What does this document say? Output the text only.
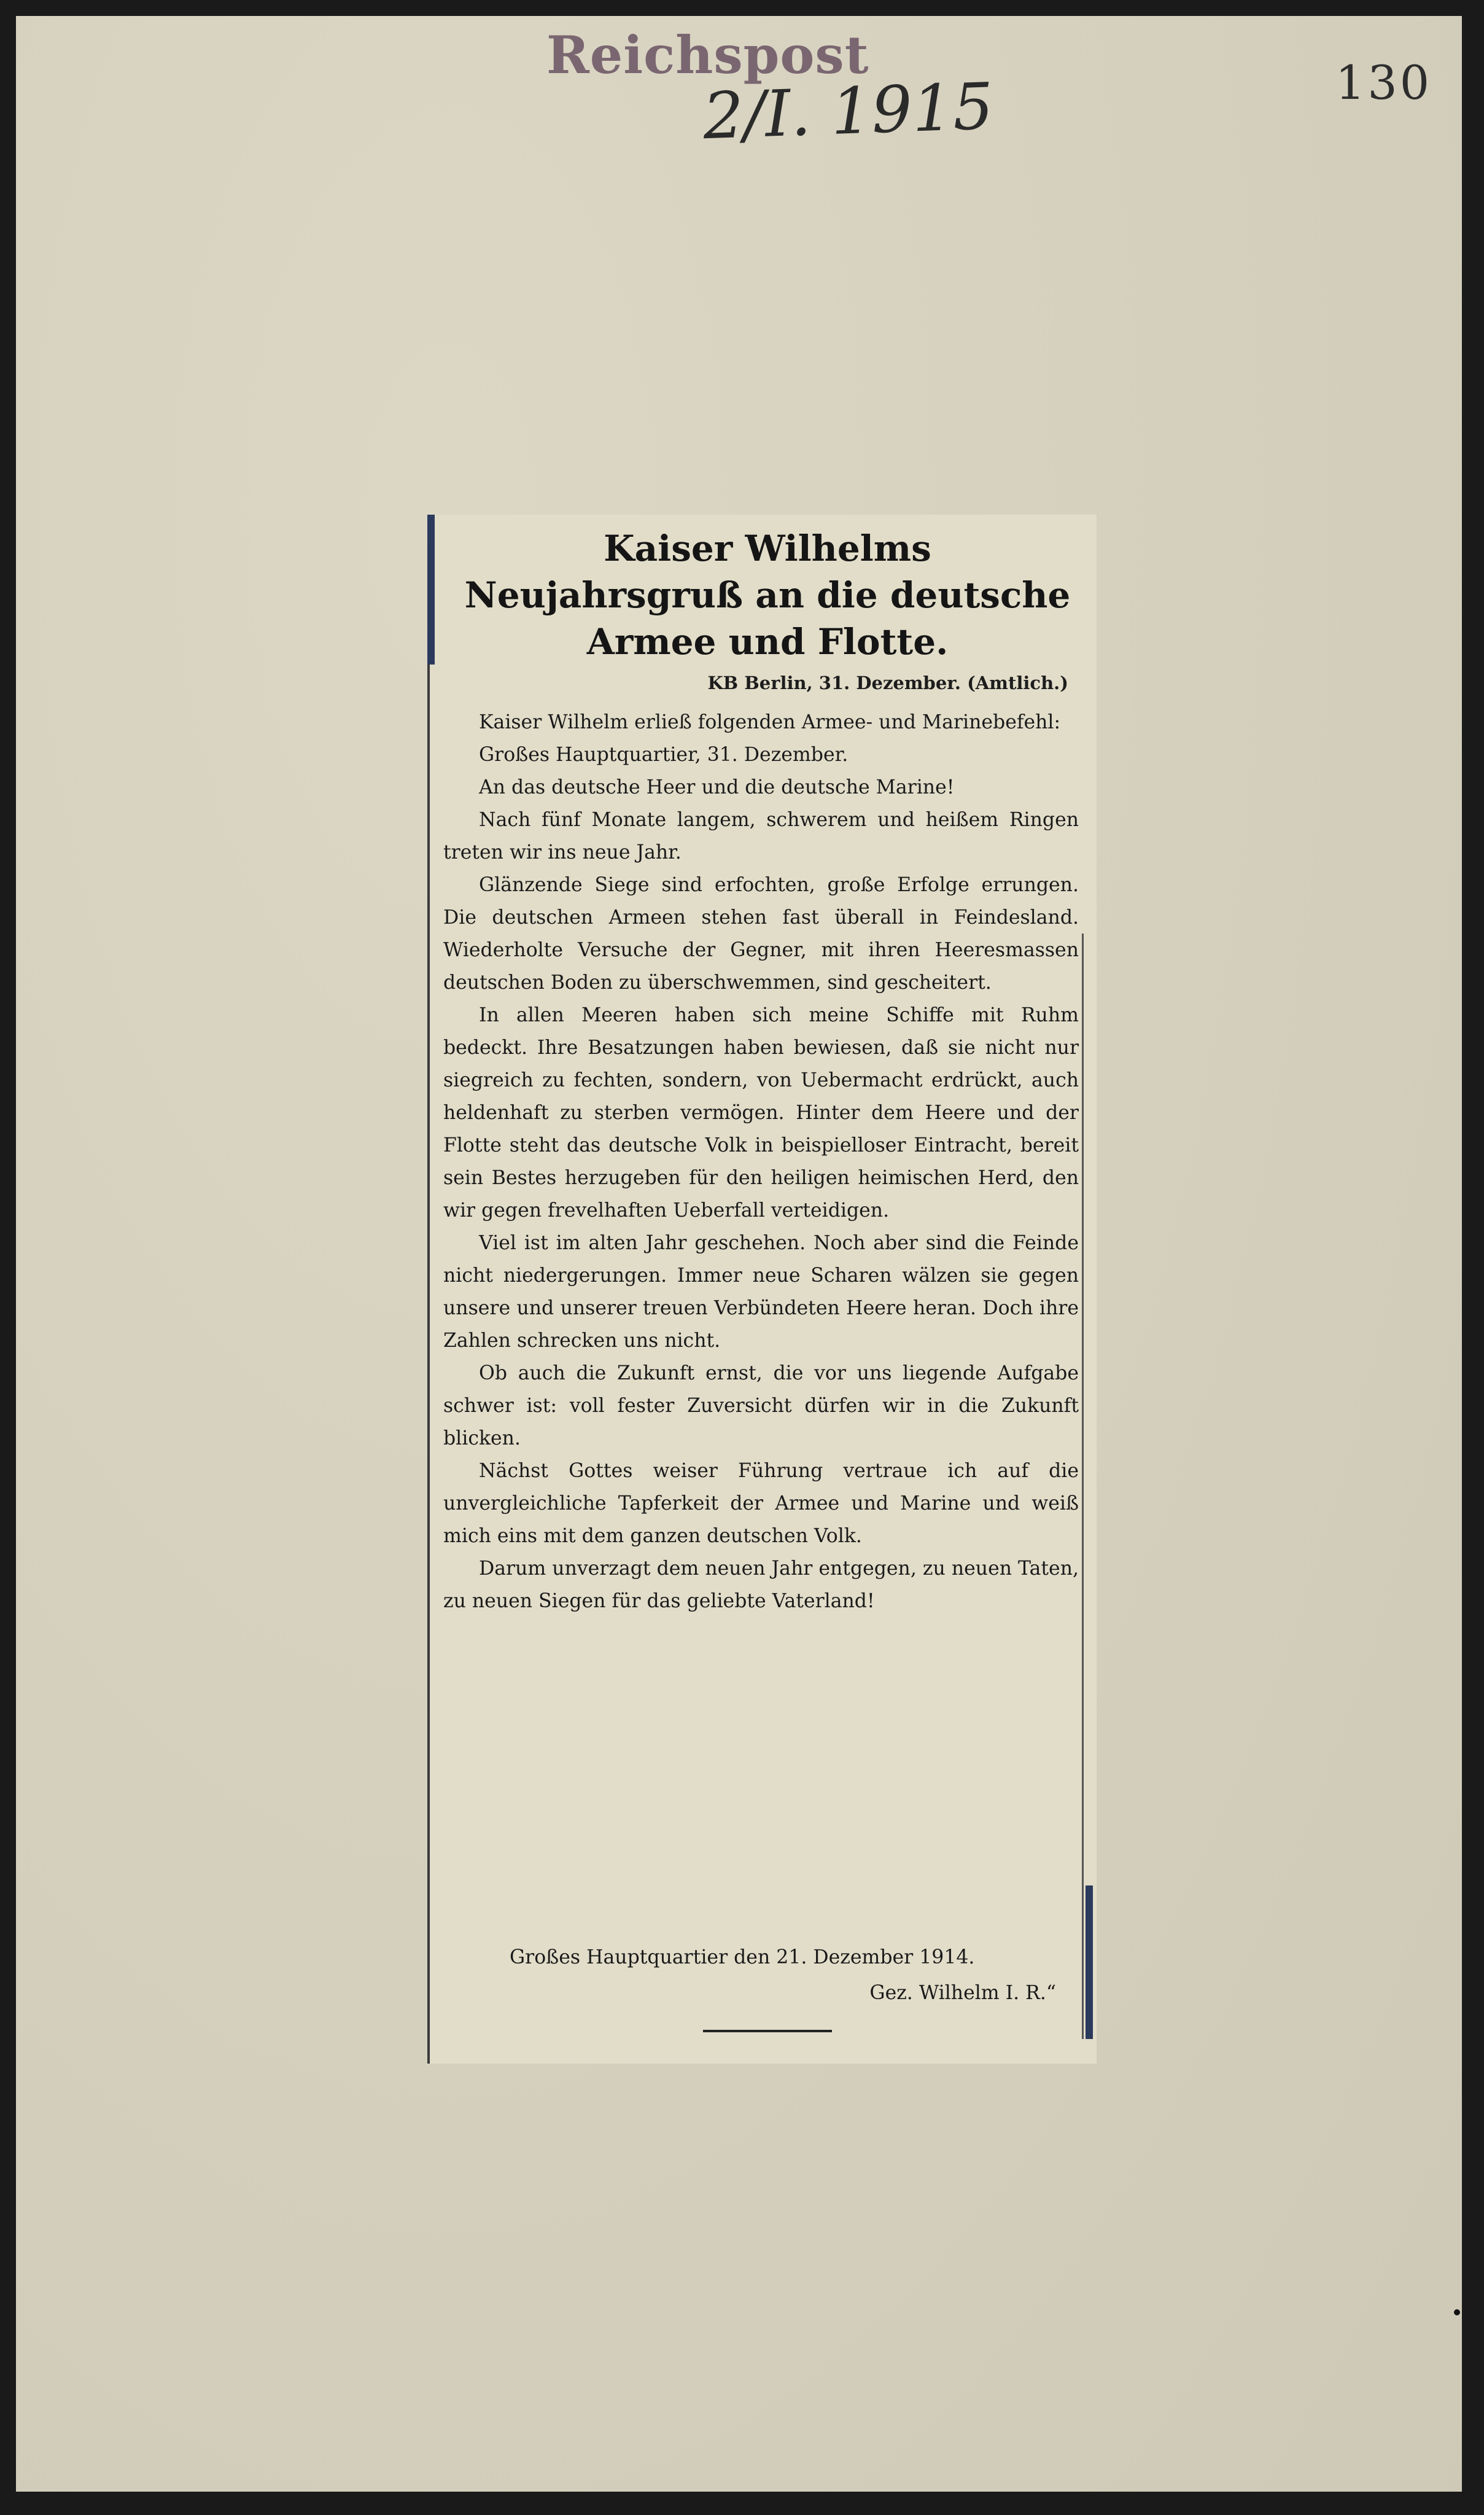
Reichspost
2/I. 1915	130
Kaiser Wilhelms Neujahrsgruß an die deutsche Armee und Flotte.
KB Berlin, 31. Dezember. (Amtlich.)

Kaiser Wilhelm erließ folgenden Armee- und Marinebefehl:

Großes Hauptquartier, 31. Dezember.

An das deutsche Heer und die deutsche Marine!

Nach fünf Monate langem, schwerem und heißem Ringen treten wir ins neue Jahr.

Glänzende Siege sind erfochten, große Erfolge errungen. Die deutschen Armeen stehen fast überall in Feindesland. Wiederholte Versuche der Gegner, mit ihren Heeresmassen deutschen Boden zu überschwemmen, sind gescheitert.

In allen Meeren haben sich meine Schiffe mit Ruhm bedeckt. Ihre Besatzungen haben bewiesen, daß sie nicht nur siegreich zu fechten, sondern, von Uebermacht erdrückt, auch heldenhaft zu sterben vermögen. Hinter dem Heere und der Flotte steht das deutsche Volk in beispielloser Eintracht, bereit sein Bestes herzugeben für den heiligen heimischen Herd, den wir gegen frevelhaften Ueberfall verteidigen.

Viel ist im alten Jahr geschehen. Noch aber sind die Feinde nicht niedergerungen. Immer neue Scharen wälzen sie gegen unsere und unserer treuen Verbündeten Heere heran. Doch ihre Zahlen schrecken uns nicht.

Ob auch die Zukunft ernst, die vor uns liegende Aufgabe schwer ist: voll fester Zuversicht dürfen wir in die Zukunft blicken.

Nächst Gottes weiser Führung vertraue ich auf die unvergleichliche Tapferkeit der Armee und Marine und weiß mich eins mit dem ganzen deutschen Volk.

Darum unverzagt dem neuen Jahr entgegen, zu neuen Taten, zu neuen Siegen für das geliebte Vaterland!

Großes Hauptquartier den 21. Dezember 1914.
Gez. Wilhelm I. R.“
